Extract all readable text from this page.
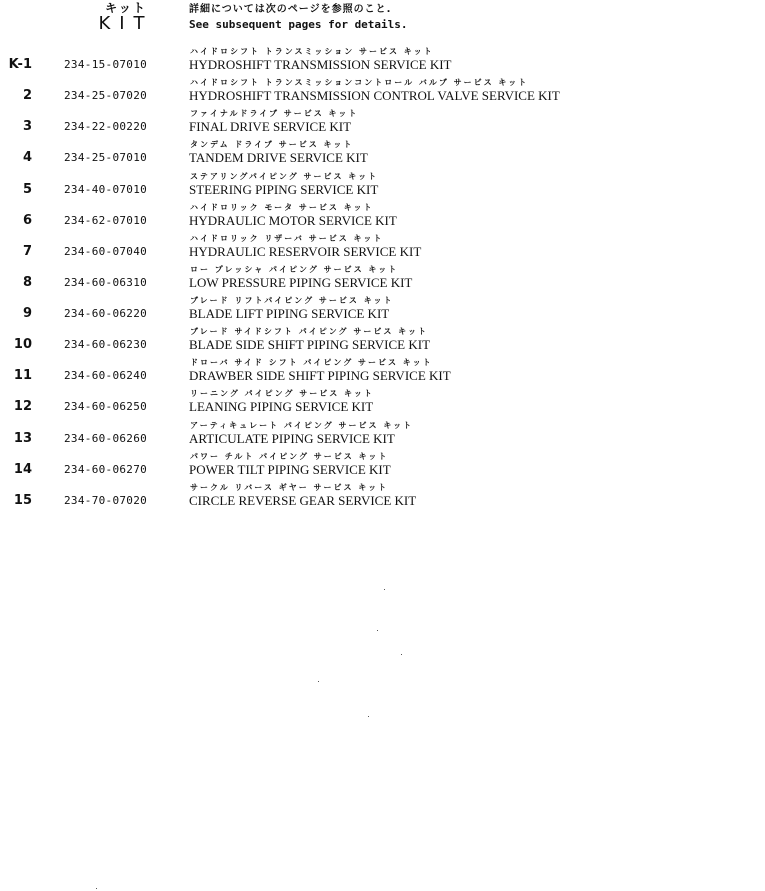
キット
KIT
詳細については次のページを参照のこと.
See subsequent pages for details.
K-1	234-15-07010
ハイドロシフト トランスミッション サービス キット
HYDROSHIFT TRANSMISSION SERVICE KIT
2	234-25-07020
ハイドロシフト トランスミッションコントロール バルブ サービス キット
HYDROSHIFT TRANSMISSION CONTROL VALVE SERVICE KIT
3	234-22-00220
ファイナルドライブ サービス キット
FINAL DRIVE SERVICE KIT
4	234-25-07010
タンデム ドライブ サービス キット
TANDEM DRIVE SERVICE KIT
5	234-40-07010
ステアリングパイピング サービス キット
STEERING PIPING SERVICE KIT
6	234-62-07010
ハイドロリック モータ サービス キット
HYDRAULIC MOTOR SERVICE KIT
7	234-60-07040
ハイドロリック リザーバ サービス キット
HYDRAULIC RESERVOIR SERVICE KIT
8	234-60-06310
ロー プレッシャ パイピング サービス キット
LOW PRESSURE PIPING SERVICE KIT
9	234-60-06220
ブレード リフトパイピング サービス キット
BLADE LIFT PIPING SERVICE KIT
10	234-60-06230
ブレード サイドシフト パイピング サービス キット
BLADE SIDE SHIFT PIPING SERVICE KIT
11	234-60-06240
ドローバ サイド シフト パイピング サービス キット
DRAWBER SIDE SHIFT PIPING SERVICE KIT
12	234-60-06250
リーニング パイピング サービス キット
LEANING PIPING SERVICE KIT
13	234-60-06260
アーティキュレート パイピング サービス キット
ARTICULATE PIPING SERVICE KIT
14	234-60-06270
パワー チルト パイピング サービス キット
POWER TILT PIPING SERVICE KIT
15	234-70-07020
サークル リバース ギヤー サービス キット
CIRCLE REVERSE GEAR SERVICE KIT
